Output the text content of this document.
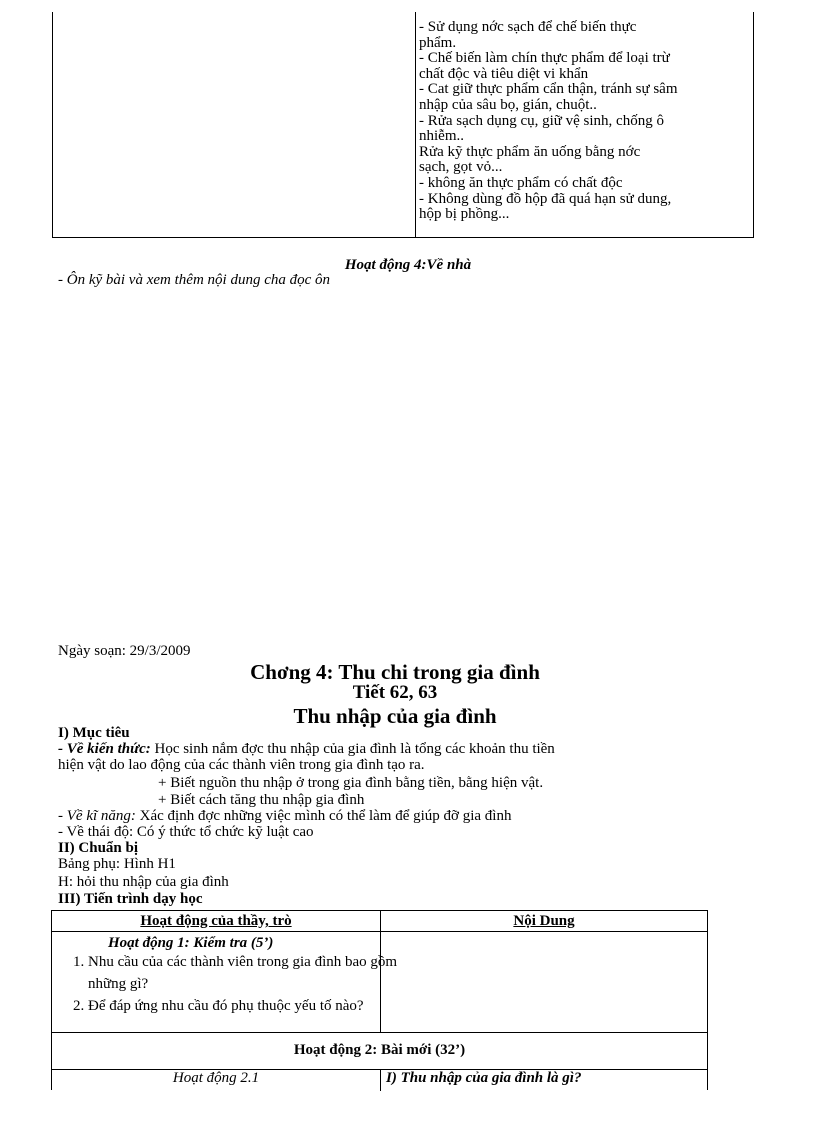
- Sử dụng nớc sạch để chế biến thực
phẩm.
- Chế biến làm chín thực phẩm để loại trừ
chất độc và tiêu diệt vi khẩn
- Cat giữ thực phẩm cẩn thận, tránh sự sâm
nhập của sâu bọ, gián, chuột..
- Rửa sạch dụng cụ, giữ vệ sinh, chống ô
nhiễm..
Rửa kỹ thực phẩm ăn uống bằng nớc
sạch, gọt vỏ...
- không ăn thực phẩm có chất độc
- Không dùng đồ hộp đã quá hạn sử dung,
hộp bị phồng...
Hoạt động 4:Về nhà
- Ôn kỹ bài và xem thêm nội dung cha đọc ôn
Ngày soạn: 29/3/2009
Chơng 4: Thu chi trong gia đình
Tiết 62, 63
Thu nhập của gia đình
I) Mục tiêu
- Về kiến thức: Học sinh nắm đợc thu nhập của gia đình là tổng các khoản thu tiền
hiện vật do lao động của các thành viên trong gia đình tạo ra.
+ Biết nguồn thu nhập ở trong gia đình bằng tiền, bằng hiện vật.
+ Biết cách tăng thu nhập gia đình
- Về kĩ năng: Xác định đợc những việc mình có thể làm để giúp đỡ gia đình
- Về thái độ: Có ý thức tổ chức kỹ luật cao
II) Chuẩn bị
Bảng phụ: Hình H1
H: hỏi thu nhập của gia đình
III) Tiến trình dạy học
Hoạt động của thầy, trò	Nội Dung
Hoạt động 1: Kiểm tra (5’)
1. Nhu cầu của các thành viên trong gia đình bao gồm những gì?
2. Để đáp ứng nhu cầu đó phụ thuộc yếu tố nào?
Hoạt động 2: Bài mới (32’)
Hoạt động 2.1	I) Thu nhập của gia đình là gì?
